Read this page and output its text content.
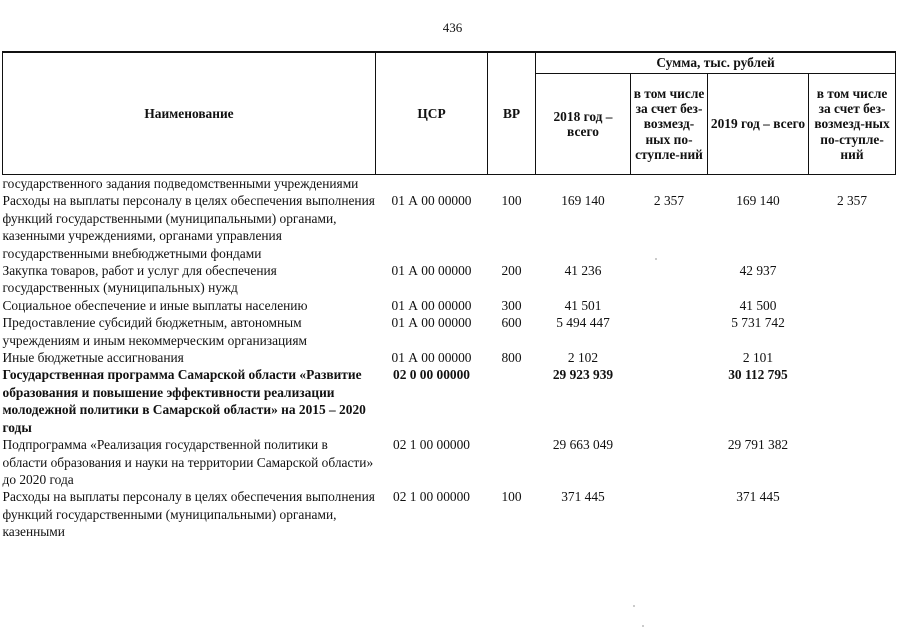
436
Наименование	ЦСР	ВР	Сумма, тыс. рублей			
			2018 год – всего	в том числе за счет без-возмезд-ных по-ступле-ний	2019 год – всего	в том числе за счет без-возмезд-ных по-ступле-ний
государственного задания подведомственными учреждениями						
Расходы на выплаты персоналу в целях обеспечения выполнения функций государственными (муниципальными) органами, казенными учреждениями, органами управления государственными внебюджетными фондами	01 А 00 00000	100	169 140	2 357	169 140	2 357
Закупка товаров, работ и услуг для обеспечения государственных (муниципальных) нужд	01 А 00 00000	200	41 236		42 937	
Социальное обеспечение и иные выплаты населению	01 А 00 00000	300	41 501		41 500	
Предоставление субсидий бюджетным, автономным учреждениям и иным некоммерческим организациям	01 А 00 00000	600	5 494 447		5 731 742	
Иные бюджетные ассигнования	01 А 00 00000	800	2 102		2 101	
Государственная программа Самарской области «Развитие образования и повышение эффективности реализации молодежной политики в Самарской области» на 2015 – 2020 годы	02 0 00 00000		29 923 939		30 112 795	
Подпрограмма «Реализация государственной политики в области образования и науки на территории Самарской области» до 2020 года	02 1 00 00000		29 663 049		29 791 382	
Расходы на выплаты персоналу в целях обеспечения выполнения функций государственными (муниципальными) органами, казенными	02 1 00 00000	100	371 445		371 445	
